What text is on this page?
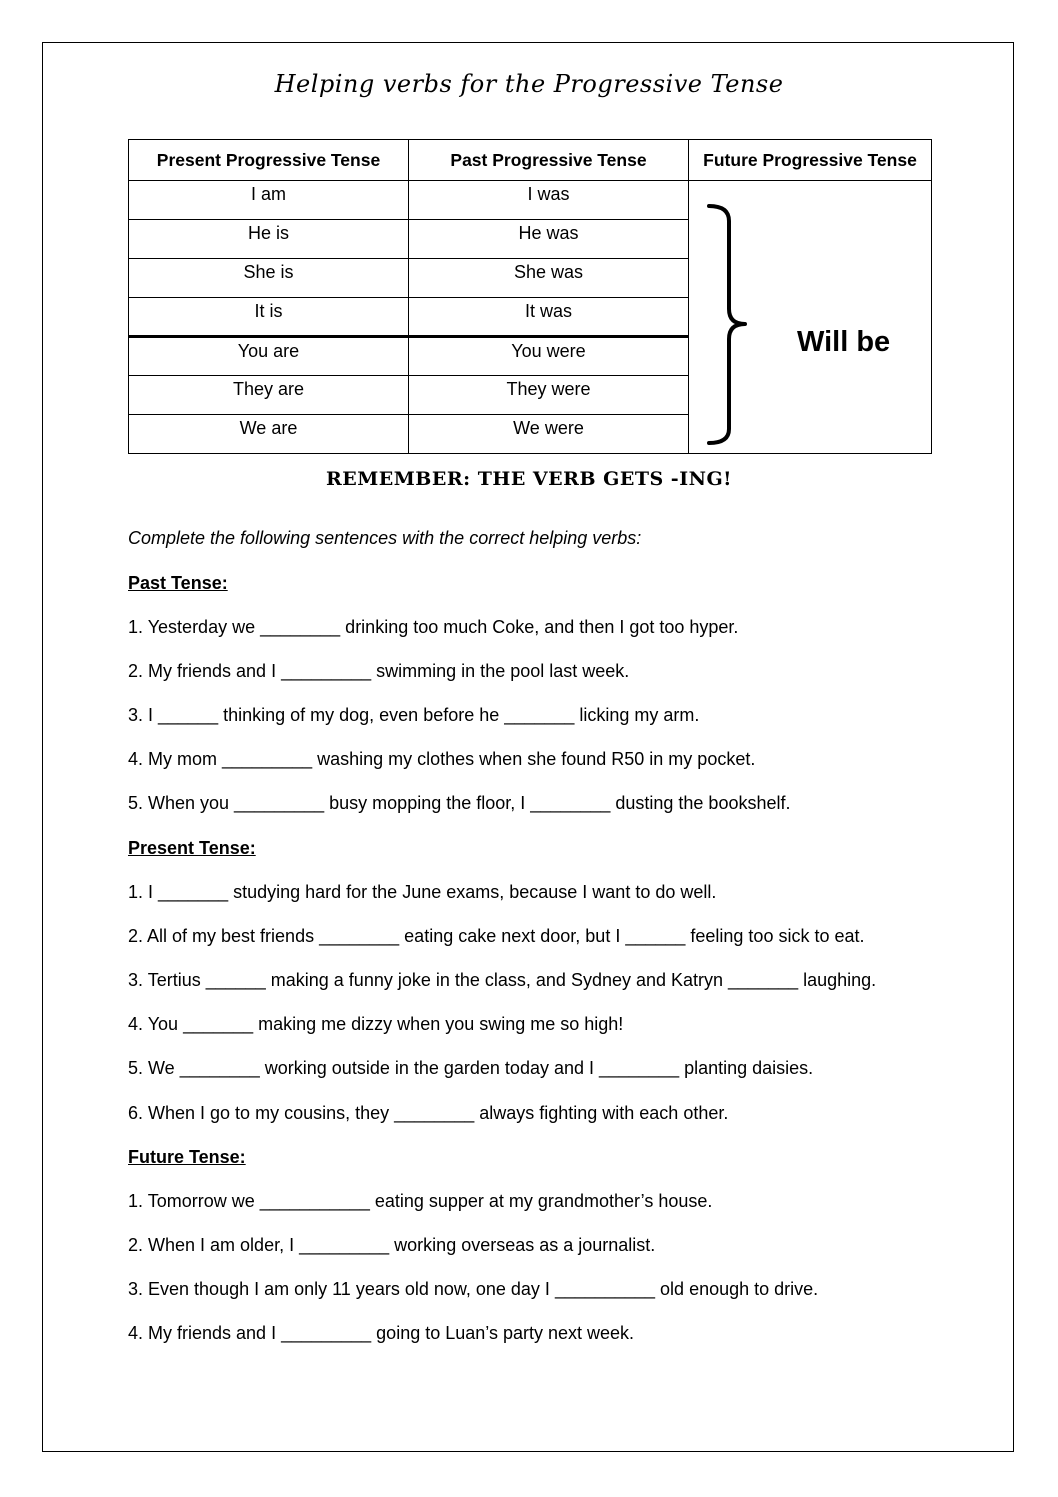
Helping verbs for the Progressive Tense
Present Progressive Tense	Past Progressive Tense	Future Progressive Tense
I am	I was	Will be

He is	He was	
She is	She was	
It is	It was	
You are	You were	
They are	They were	
We are	We were	
REMEMBER: THE VERB GETS -ING!
Complete the following sentences with the correct helping verbs:
Past Tense:
1. Yesterday we ________ drinking too much Coke, and then I got too hyper.
2. My friends and I _________ swimming in the pool last week.
3. I ______ thinking of my dog, even before he _______ licking my arm.
4. My mom _________ washing my clothes when she found R50 in my pocket.
5. When you _________ busy mopping the floor, I ________ dusting the bookshelf.
Present Tense:
1. I _______ studying hard for the June exams, because I want to do well.
2. All of my best friends ________ eating cake next door, but I ______ feeling too sick to eat.
3. Tertius ______ making a funny joke in the class, and Sydney and Katryn _______ laughing.
4. You _______ making me dizzy when you swing me so high!
5. We ________ working outside in the garden today and I ________ planting daisies.
6. When I go to my cousins, they ________ always fighting with each other.
Future Tense:
1. Tomorrow we ___________ eating supper at my grandmother’s house.
2. When I am older, I _________ working overseas as a journalist.
3. Even though I am only 11 years old now, one day I __________ old enough to drive.
4. My friends and I _________ going to Luan’s party next week.
